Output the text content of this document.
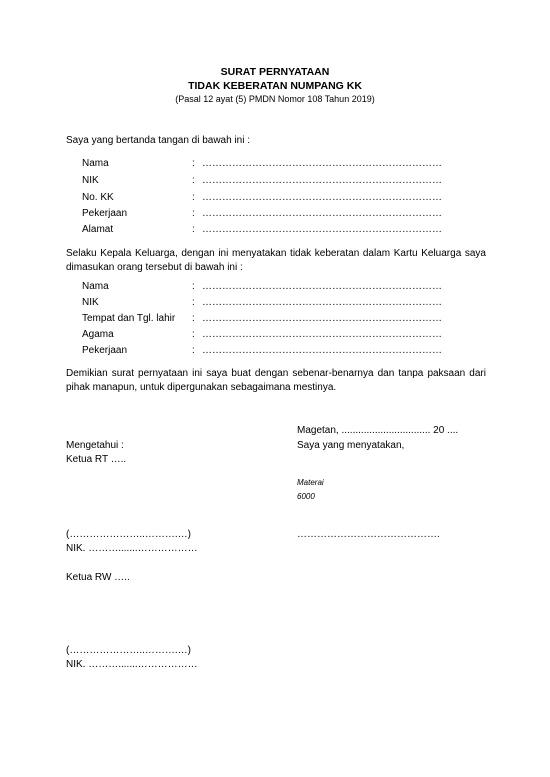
SURAT PERNYATAAN
TIDAK KEBERATAN NUMPANG KK
(Pasal 12 ayat (5) PMDN Nomor 108 Tahun 2019)
Saya yang bertanda tangan di bawah ini :
Nama	: ………………………………………………………………
NIK	: ………………………………………………………………
No. KK	: ………………………………………………………………
Pekerjaan	: ………………………………………………………………
Alamat	: ………………………………………………………………
Selaku Kepala Keluarga, dengan ini menyatakan tidak keberatan dalam Kartu Keluarga saya dimasukan orang tersebut di bawah ini :
Nama	: ………………………………………………………………
NIK	: ………………………………………………………………
Tempat dan Tgl. lahir : ………………………………………………………………
Agama	: ………………………………………………………………
Pekerjaan	: ………………………………………………………………
Demikian surat pernyataan ini saya buat dengan sebenar-benarnya dan tanpa paksaan dari pihak manapun, untuk dipergunakan sebagaimana mestinya.
Magetan, ................................ 20 ....
Mengetahui :	Saya yang menyatakan,
Ketua RT …..
Materai
6000
(…………………..……….…)	…………………………………….
NIK. ……….......………………
Ketua RW …..
(…………………..……….…)
NIK. ……….......………………
